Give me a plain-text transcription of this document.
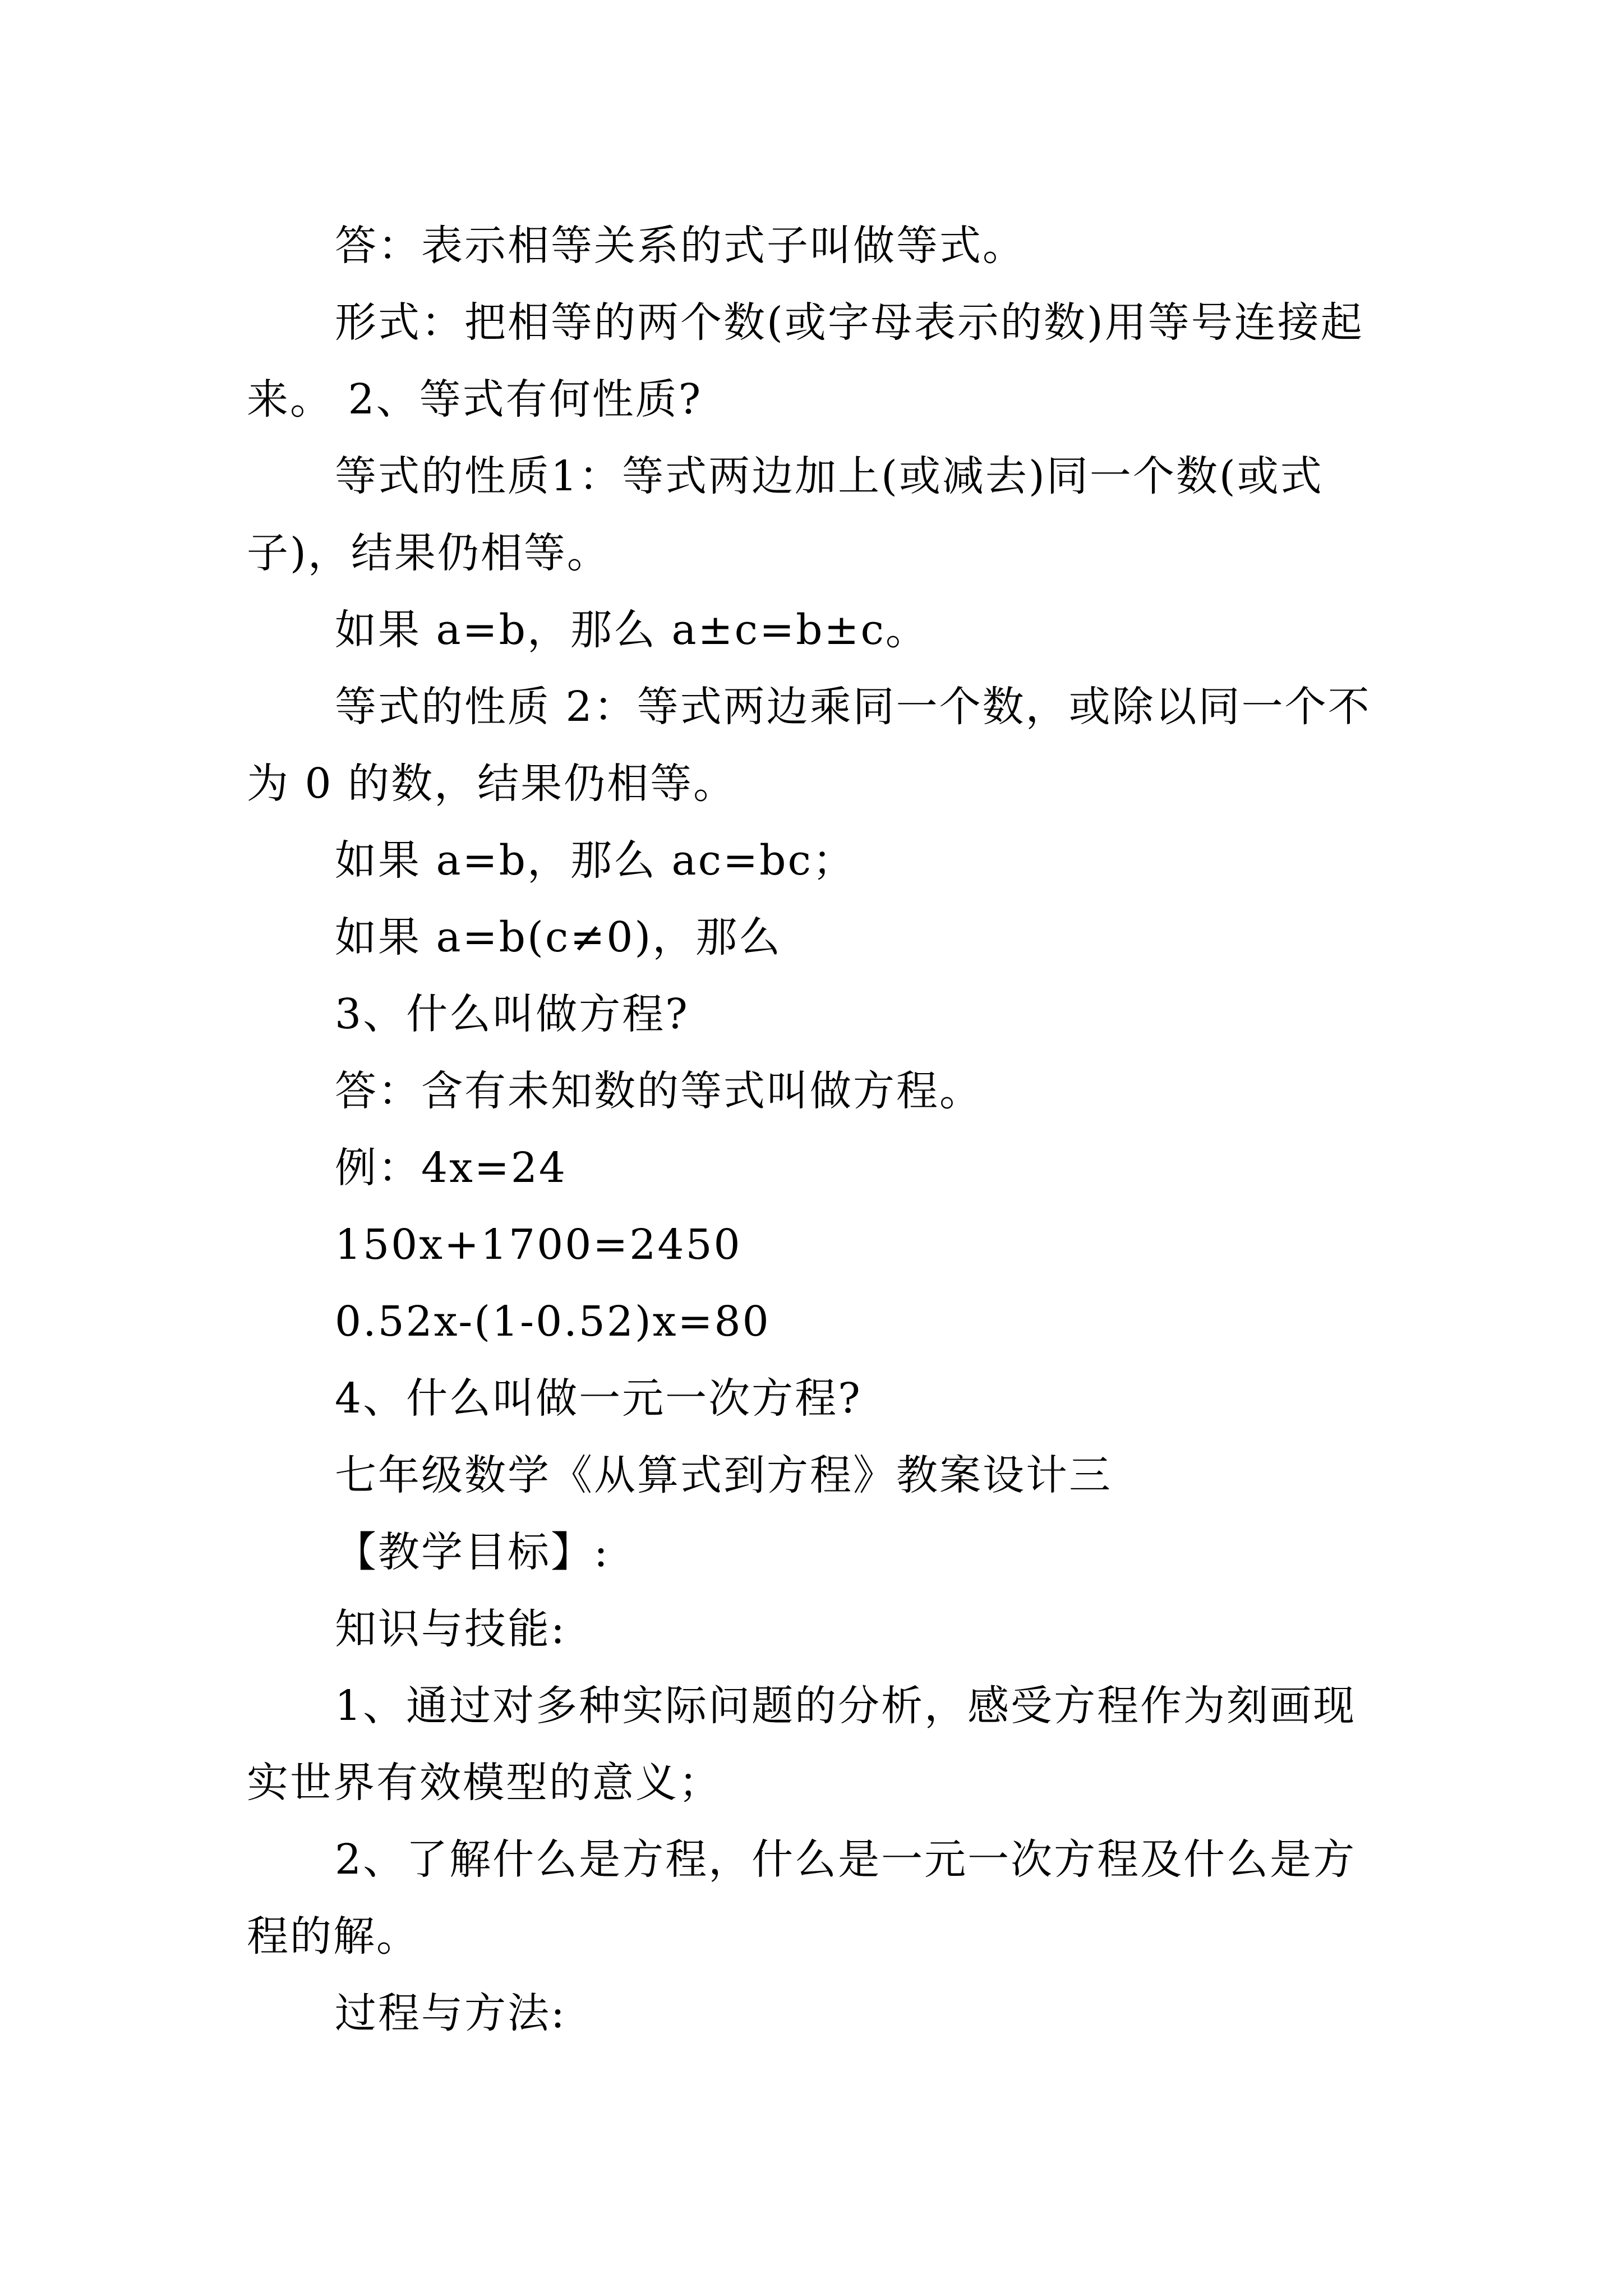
答：表示相等关系的式子叫做等式。

形式：把相等的两个数(或字母表示的数)用等号连接起来。 2、等式有何性质?

等式的性质1：等式两边加上(或减去)同一个数(或式子)，结果仍相等。

如果 a=b，那么 a±c=b±c。

等式的性质 2：等式两边乘同一个数，或除以同一个不为 0 的数，结果仍相等。

如果 a=b，那么 ac=bc；

如果 a=b(c≠0)，那么

3、什么叫做方程?

答：含有未知数的等式叫做方程。

例：4x=24

150x+1700=2450

0.52x-(1-0.52)x=80

4、什么叫做一元一次方程?

七年级数学《从算式到方程》教案设计三

【教学目标】:

知识与技能:

1、通过对多种实际问题的分析，感受方程作为刻画现实世界有效模型的意义；

2、了解什么是方程，什么是一元一次方程及什么是方程的解。

过程与方法:
